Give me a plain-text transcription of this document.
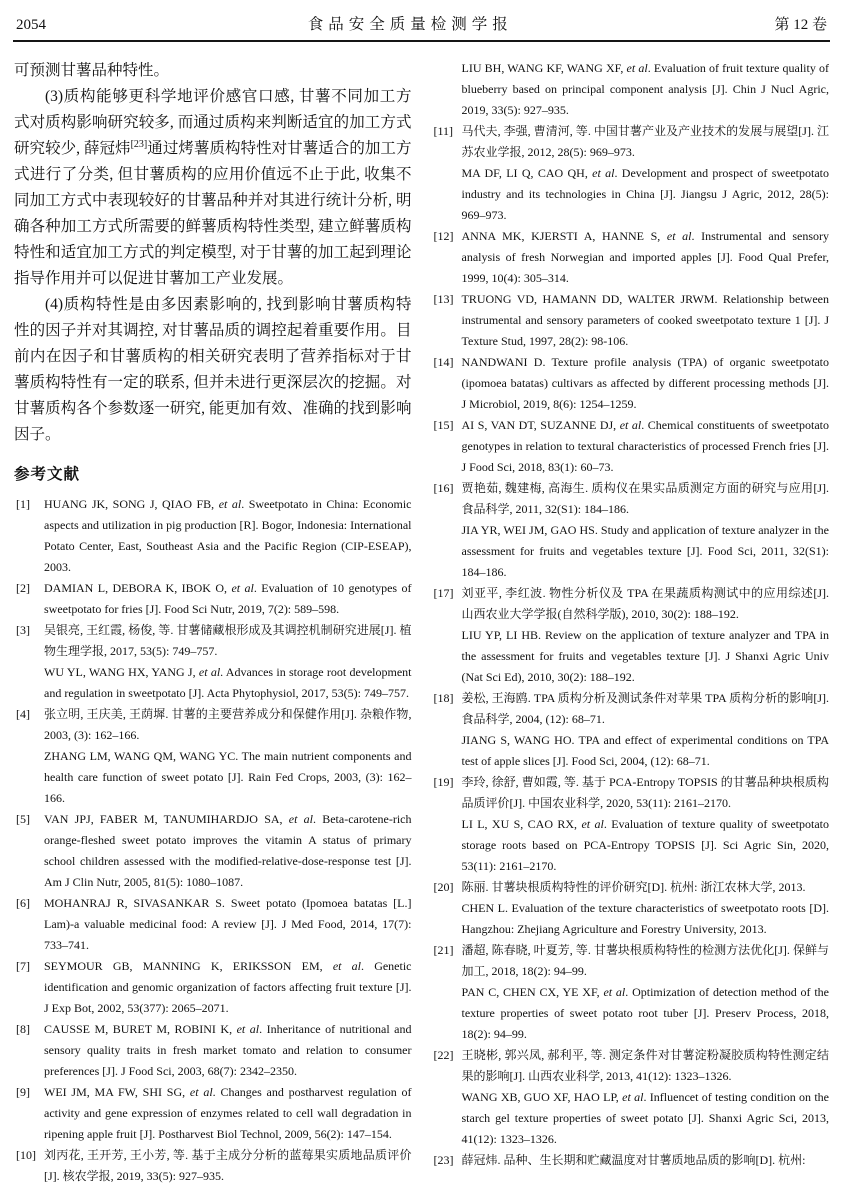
2054	食品安全质量检测学报	第 12 卷

可预测甘薯品种特性。

(3)质构能够更科学地评价感官口感, 甘薯不同加工方式对质构影响研究较多, 而通过质构来判断适宜的加工方式研究较少, 薛冠炜[23]通过烤薯质构特性对甘薯适合的加工方式进行了分类, 但甘薯质构的应用价值远不止于此, 收集不同加工方式中表现较好的甘薯品种并对其进行统计分析, 明确各种加工方式所需要的鲜薯质构特性类型, 建立鲜薯质构特性和适宜加工方式的判定模型, 对于甘薯的加工起到理论指导作用并可以促进甘薯加工产业发展。

(4)质构特性是由多因素影响的, 找到影响甘薯质构特性的因子并对其调控, 对甘薯品质的调控起着重要作用。目前内在因子和甘薯质构的相关研究表明了营养指标对于甘薯质构特性有一定的联系, 但并未进行更深层次的挖掘。对甘薯质构各个参数逐一研究, 能更加有效、准确的找到影响因子。

参考文献
[1] HUANG JK, SONG J, QIAO FB, et al. Sweetpotato in China: Economic aspects and utilization in pig production [R]. Bogor, Indonesia: International Potato Center, East, Southeast Asia and the Pacific Region (CIP-ESEAP), 2003.
[2] DAMIAN L, DEBORA K, IBOK O, et al. Evaluation of 10 genotypes of sweetpotato for fries [J]. Food Sci Nutr, 2019, 7(2): 589–598.
[3] 吴银亮, 王红霞, 杨俊, 等. 甘薯储藏根形成及其调控机制研究进展[J]. 植物生理学报, 2017, 53(5): 749–757.
WU YL, WANG HX, YANG J, et al. Advances in storage root development and regulation in sweetpotato [J]. Acta Phytophysiol, 2017, 53(5): 749–757.
[4] 张立明, 王庆美, 王荫墀. 甘薯的主要营养成分和保健作用[J]. 杂粮作物, 2003, (3): 162–166.
ZHANG LM, WANG QM, WANG YC. The main nutrient components and health care function of sweet potato [J]. Rain Fed Crops, 2003, (3): 162–166.
[5] VAN JPJ, FABER M, TANUMIHARDJO SA, et al. Beta-carotene-rich orange-fleshed sweet potato improves the vitamin A status of primary school children assessed with the modified-relative-dose-response test [J]. Am J Clin Nutr, 2005, 81(5): 1080–1087.
[6] MOHANRAJ R, SIVASANKAR S. Sweet potato (Ipomoea batatas [L.] Lam)-a valuable medicinal food: A review [J]. J Med Food, 2014, 17(7): 733–741.
[7] SEYMOUR GB, MANNING K, ERIKSSON EM, et al. Genetic identification and genomic organization of factors affecting fruit texture [J]. J Exp Bot, 2002, 53(377): 2065–2071.
[8] CAUSSE M, BURET M, ROBINI K, et al. Inheritance of nutritional and sensory quality traits in fresh market tomato and relation to consumer preferences [J]. J Food Sci, 2003, 68(7): 2342–2350.
[9] WEI JM, MA FW, SHI SG, et al. Changes and postharvest regulation of activity and gene expression of enzymes related to cell wall degradation in ripening apple fruit [J]. Postharvest Biol Technol, 2009, 56(2): 147–154.
[10] 刘丙花, 王开芳, 王小芳, 等. 基于主成分分析的蓝莓果实质地品质评价[J]. 核农学报, 2019, 33(5): 927–935.
LIU BH, WANG KF, WANG XF, et al. Evaluation of fruit texture quality of blueberry based on principal component analysis [J]. Chin J Nucl Agric, 2019, 33(5): 927–935.
[11] 马代夫, 李强, 曹清河, 等. 中国甘薯产业及产业技术的发展与展望[J]. 江苏农业学报, 2012, 28(5): 969–973.
MA DF, LI Q, CAO QH, et al. Development and prospect of sweetpotato industry and its technologies in China [J]. Jiangsu J Agric, 2012, 28(5): 969–973.
[12] ANNA MK, KJERSTI A, HANNE S, et al. Instrumental and sensory analysis of fresh Norwegian and imported apples [J]. Food Qual Prefer, 1999, 10(4): 305–314.
[13] TRUONG VD, HAMANN DD, WALTER JRWM. Relationship between instrumental and sensory parameters of cooked sweetpotato texture 1 [J]. J Texture Stud, 1997, 28(2): 98-106.
[14] NANDWANI D. Texture profile analysis (TPA) of organic sweetpotato (ipomoea batatas) cultivars as affected by different processing methods [J]. J Microbiol, 2019, 8(6): 1254–1259.
[15] AI S, VAN DT, SUZANNE DJ, et al. Chemical constituents of sweetpotato genotypes in relation to textural characteristics of processed French fries [J]. J Food Sci, 2018, 83(1): 60–73.
[16] 贾艳茹, 魏建梅, 高海生. 质构仪在果实品质测定方面的研究与应用[J]. 食品科学, 2011, 32(S1): 184–186.
JIA YR, WEI JM, GAO HS. Study and application of texture analyzer in the assessment for fruits and vegetables texture [J]. Food Sci, 2011, 32(S1): 184–186.
[17] 刘亚平, 李红波. 物性分析仪及 TPA 在果蔬质构测试中的应用综述[J]. 山西农业大学学报(自然科学版), 2010, 30(2): 188–192.
LIU YP, LI HB. Review on the application of texture analyzer and TPA in the assessment for fruits and vegetables texture [J]. J Shanxi Agric Univ (Nat Sci Ed), 2010, 30(2): 188–192.
[18] 姜松, 王海鸥. TPA 质构分析及测试条件对苹果 TPA 质构分析的影响[J]. 食品科学, 2004, (12): 68–71.
JIANG S, WANG HO. TPA and effect of experimental conditions on TPA test of apple slices [J]. Food Sci, 2004, (12): 68–71.
[19] 李玲, 徐舒, 曹如霞, 等. 基于 PCA-Entropy TOPSIS 的甘薯品种块根质构品质评价[J]. 中国农业科学, 2020, 53(11): 2161–2170.
LI L, XU S, CAO RX, et al. Evaluation of texture quality of sweetpotato storage roots based on PCA-Entropy TOPSIS [J]. Sci Agric Sin, 2020, 53(11): 2161–2170.
[20] 陈丽. 甘薯块根质构特性的评价研究[D]. 杭州: 浙江农林大学, 2013.
CHEN L. Evaluation of the texture characteristics of sweetpotato roots [D]. Hangzhou: Zhejiang Agriculture and Forestry University, 2013.
[21] 潘超, 陈春晓, 叶夏芳, 等. 甘薯块根质构特性的检测方法优化[J]. 保鲜与加工, 2018, 18(2): 94–99.
PAN C, CHEN CX, YE XF, et al. Optimization of detection method of the texture properties of sweet potato root tuber [J]. Preserv Process, 2018, 18(2): 94–99.
[22] 王晓彬, 郭兴凤, 郝利平, 等. 测定条件对甘薯淀粉凝胶质构特性测定结果的影响[J]. 山西农业科学, 2013, 41(12): 1323–1326.
WANG XB, GUO XF, HAO LP, et al. Influencet of testing condition on the starch gel texture properties of sweet potato [J]. Shanxi Agric Sci, 2013, 41(12): 1323–1326.
[23] 薛冠炜. 品种、生长期和贮藏温度对甘薯质地品质的影响[D]. 杭州:
